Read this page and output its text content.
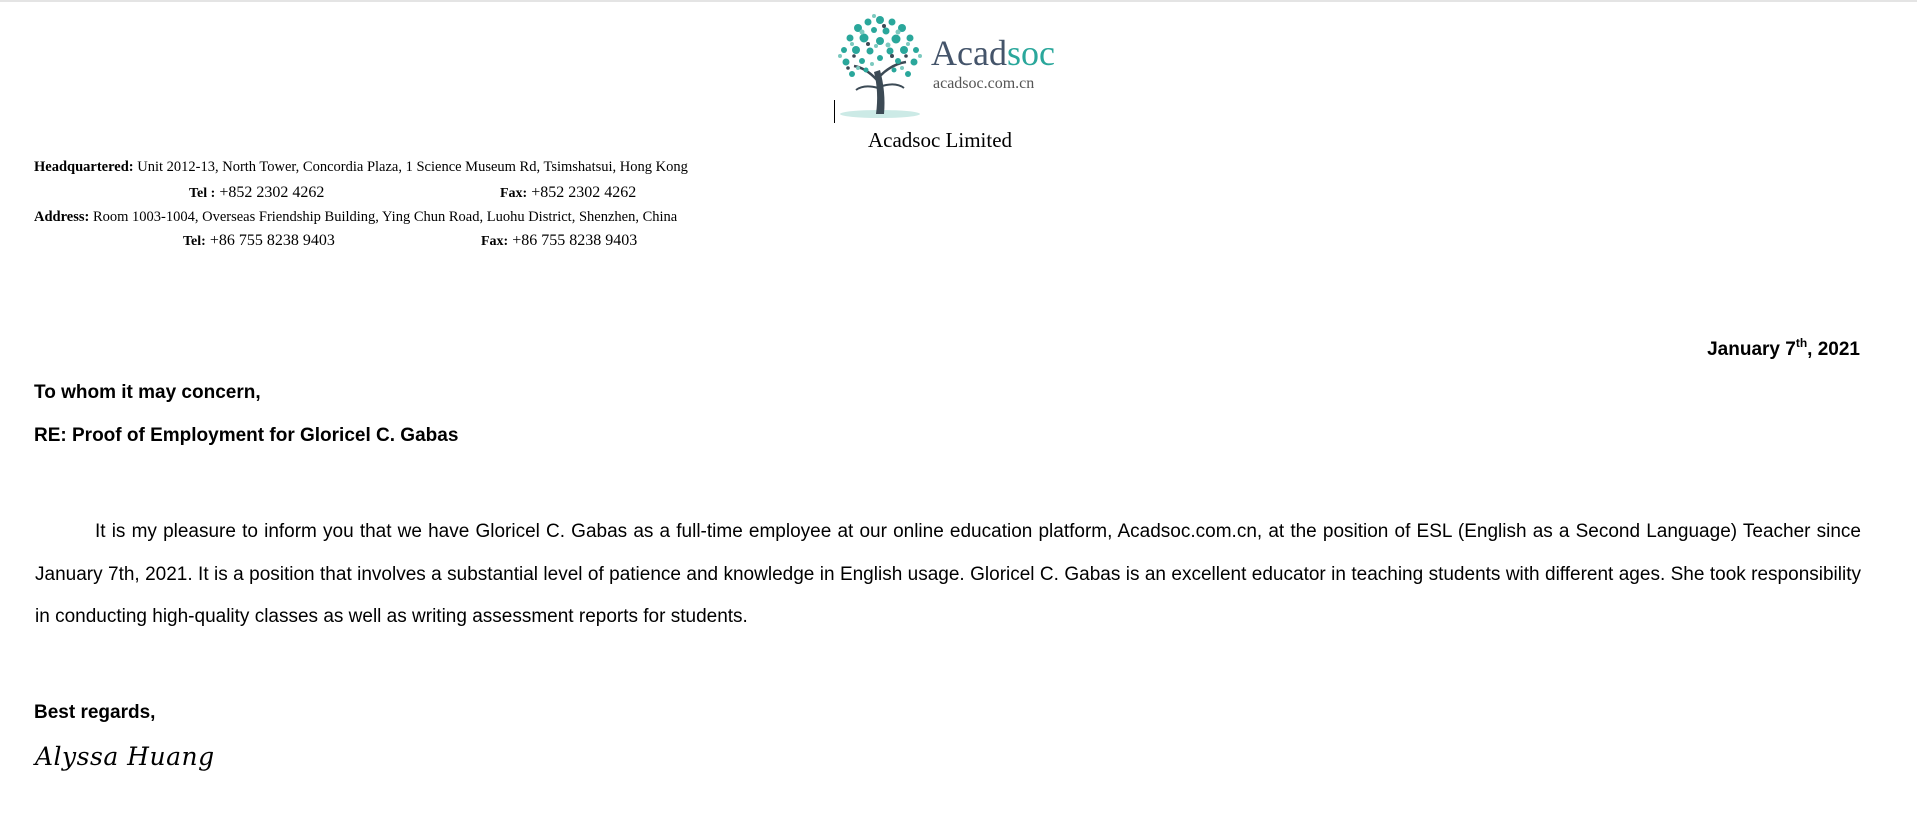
Acadsoc
acadsoc.com.cn
Acadsoc Limited
Headquartered: Unit 2012-13, North Tower, Concordia Plaza, 1 Science Museum Rd, Tsimshatsui, Hong Kong
Tel : +852 2302 4262	Fax: +852 2302 4262
Address: Room 1003-1004, Overseas Friendship Building, Ying Chun Road, Luohu District, Shenzhen, China
Tel: +86 755 8238 9403	Fax: +86 755 8238 9403
January 7th, 2021
To whom it may concern,
RE: Proof of Employment for Gloricel C. Gabas

It is my pleasure to inform you that we have Gloricel C. Gabas as a full-time employee at our online education platform, Acadsoc.com.cn, at the position of ESL (English as a Second Language) Teacher since January 7th, 2021. It is a position that involves a substantial level of patience and knowledge in English usage. Gloricel C. Gabas is an excellent educator in teaching students with different ages. She took responsibility in conducting high-quality classes as well as writing assessment reports for students.

Best regards,
Alyssa Huang
